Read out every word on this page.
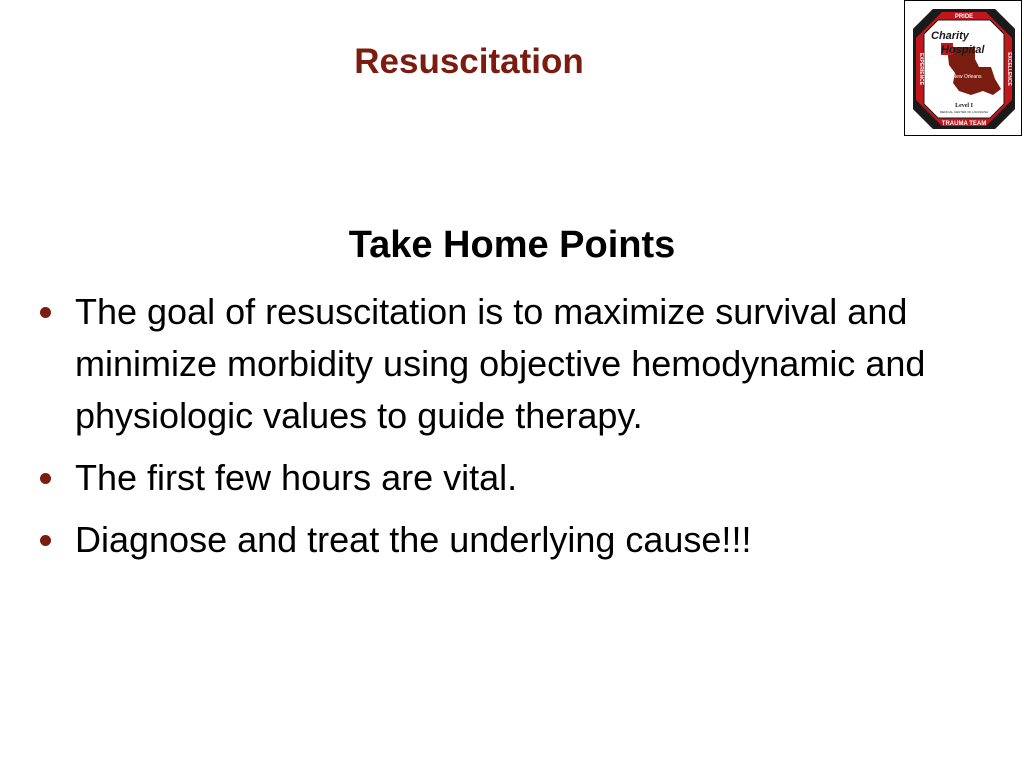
Resuscitation
PRIDE
TRAUMA TEAM
EXPERIENCE	EXCELLENCE
Charity
Hospital
New Orleans
Level I
MEDICAL CENTER OF LOUISIANA
Take Home Points
The goal of resuscitation is to maximize survival and minimize morbidity using objective hemodynamic and physiologic values to guide therapy.
The first few hours are vital.
Diagnose and treat the underlying cause!!!
